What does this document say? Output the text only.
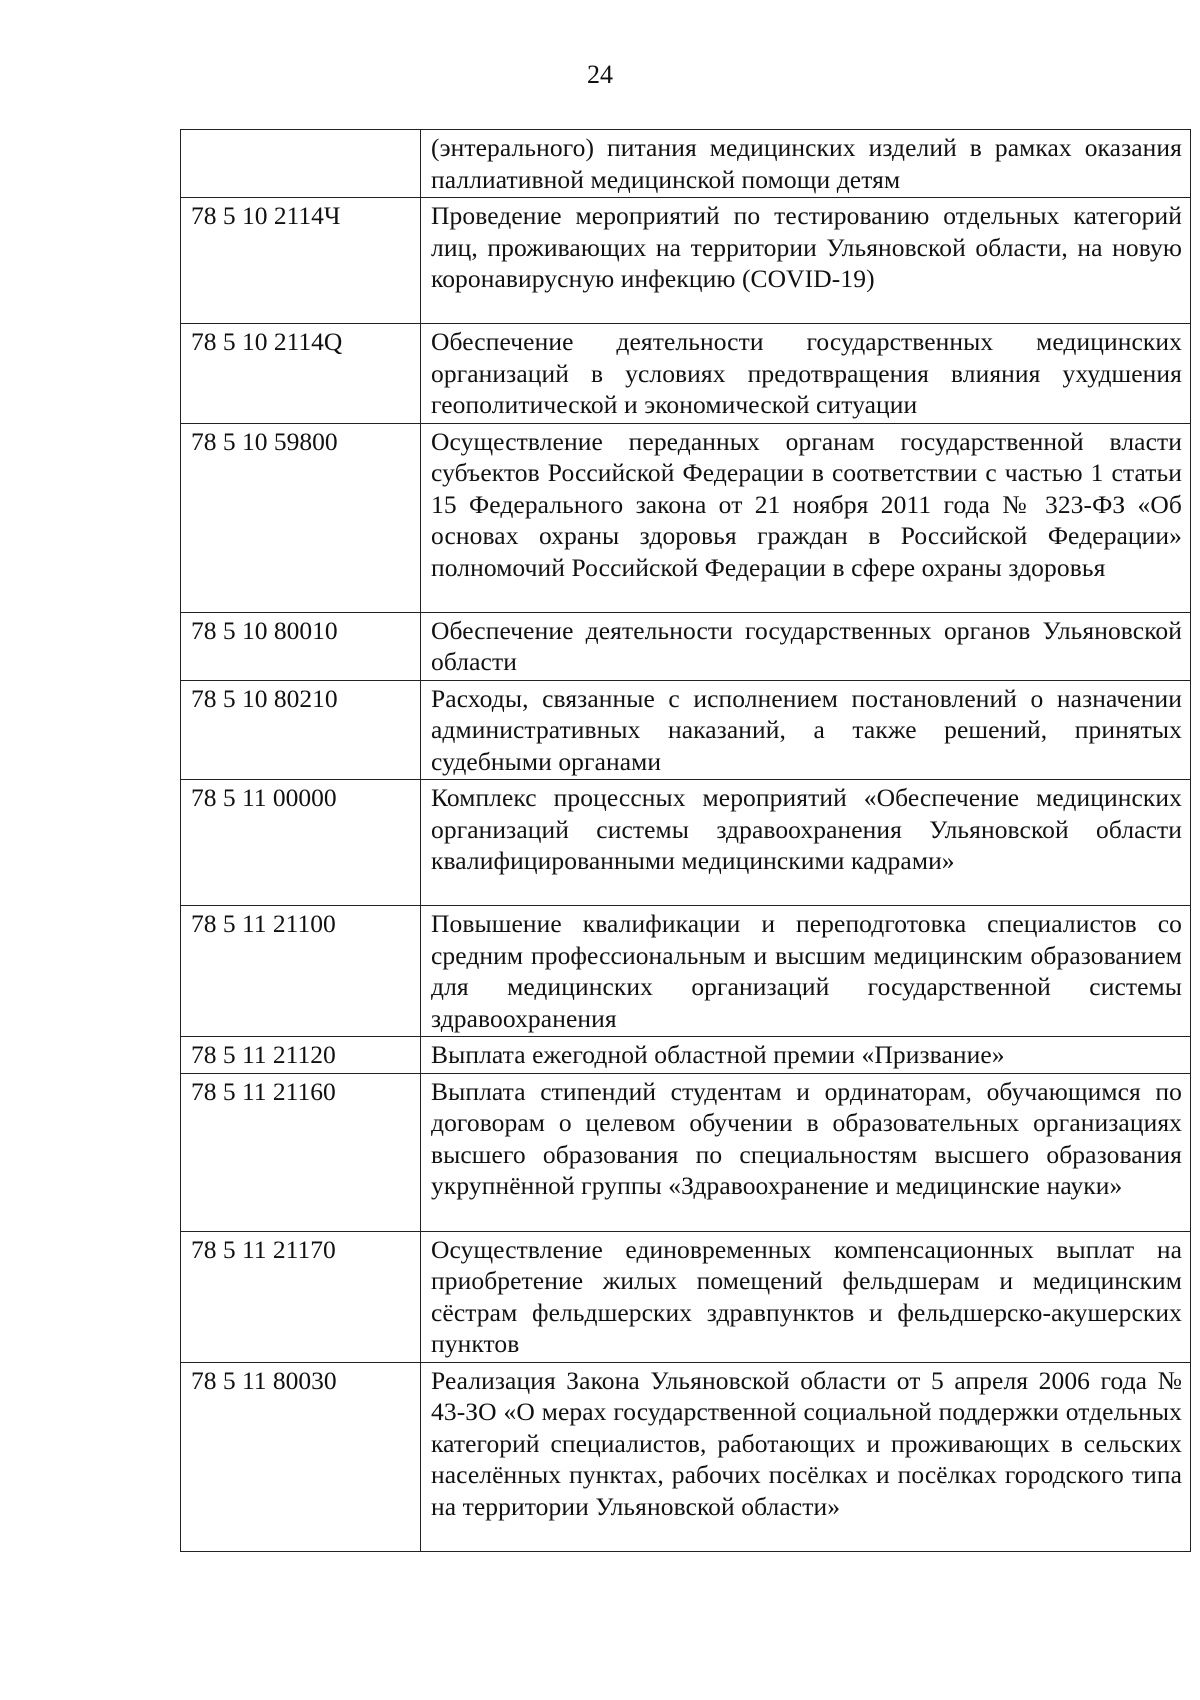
24
	(энтерального) питания медицинских изделий в рамках оказания паллиативной медицинской помощи детям
78 5 10 2114Ч	Проведение мероприятий по тестированию отдельных категорий лиц, проживающих на территории Ульяновской области, на новую коронавирусную инфекцию (COVID-19)
78 5 10 2114Q	Обеспечение деятельности государственных медицинских организаций в условиях предотвращения влияния ухудшения геополитической и экономической ситуации
78 5 10 59800	Осуществление переданных органам государственной власти субъектов Российской Федерации в соответствии с частью 1 статьи 15 Федерального закона от 21 ноября 2011 года № 323-ФЗ «Об основах охраны здоровья граждан в Российской Федерации» полномочий Российской Федерации в сфере охраны здоровья
78 5 10 80010	Обеспечение деятельности государственных органов Ульяновской области
78 5 10 80210	Расходы, связанные с исполнением постановлений о назначении административных наказаний, а также решений, принятых судебными органами
78 5 11 00000	Комплекс процессных мероприятий «Обеспечение медицинских организаций системы здравоохранения Ульяновской области квалифицированными медицинскими кадрами»
78 5 11 21100	Повышение квалификации и переподготовка специалистов со средним профессиональным и высшим медицинским образованием для медицинских организаций государственной системы здравоохранения
78 5 11 21120	Выплата ежегодной областной премии «Призвание»
78 5 11 21160	Выплата стипендий студентам и ординаторам, обучающимся по договорам о целевом обучении в образовательных организациях высшего образования по специальностям высшего образования укрупнённой группы «Здравоохранение и медицинские науки»
78 5 11 21170	Осуществление единовременных компенсационных выплат на приобретение жилых помещений фельдшерам и медицинским сёстрам фельдшерских здравпунктов и фельдшерско-акушерских пунктов
78 5 11 80030	Реализация Закона Ульяновской области от 5 апреля 2006 года № 43-ЗО «О мерах государственной социальной поддержки отдельных категорий специалистов, работающих и проживающих в сельских населённых пунктах, рабочих посёлках и посёлках городского типа на территории Ульяновской области»
